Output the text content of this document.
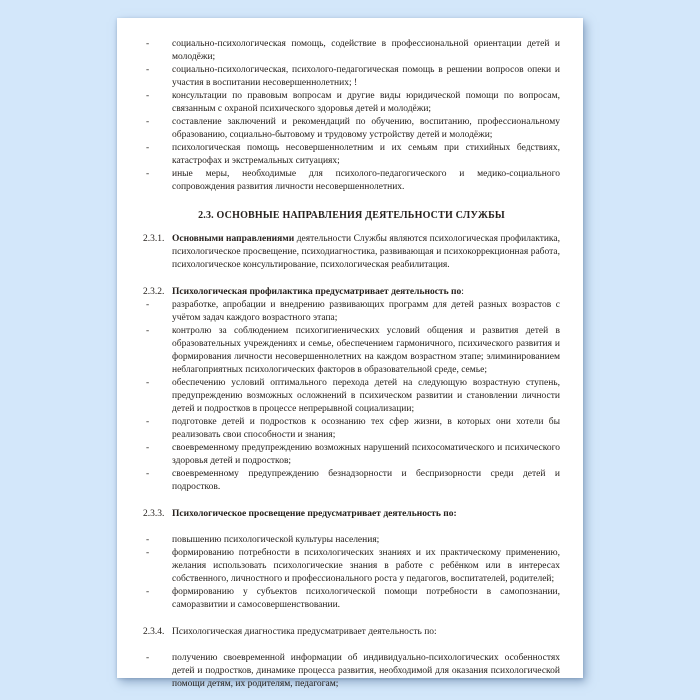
-	социально-психологическая помощь, содействие в профессиональной ориентации детей и молодёжи;
-	социально-психологическая, психолого-педагогическая помощь в решении вопросов опеки и участия в воспитании несовершеннолетних; !
-	консультации по правовым вопросам и другие виды юридической помощи по вопросам, связанным с охраной психического здоровья детей и молодёжи;
-	составление заключений и рекомендаций по обучению, воспитанию, профессиональному образованию, социально-бытовому и трудовому устройству детей и молодёжи;
-	психологическая помощь несовершеннолетним и их семьям при стихийных бедствиях, катастрофах и экстремальных ситуациях;
-	иные меры, необходимые для психолого-педагогического и медико-социального сопровождения развития личности несовершеннолетних.
2.3. ОСНОВНЫЕ НАПРАВЛЕНИЯ ДЕЯТЕЛЬНОСТИ СЛУЖБЫ
2.3.1. Основными направлениями деятельности Службы являются психологическая профилактика, психологическое просвещение, психодиагностика, развивающая и психокоррекционная работа, психологическое консультирование, психологическая реабилитация.
2.3.2. Психологическая профилактика предусматривает деятельность по:
-	разработке, апробации и внедрению развивающих программ для детей разных возрастов с учётом задач каждого возрастного этапа;
-	контролю за соблюдением психогигиенических условий общения и развития детей в образовательных учреждениях и семье, обеспечением гармоничного, психического развития и формирования личности несовершеннолетних на каждом возрастном этапе; элиминированием неблагоприятных психологических факторов в образовательной среде, семье;
-	обеспечению условий оптимального перехода детей на следующую возрастную ступень, предупреждению возможных осложнений в психическом развитии и становлении личности детей и подростков в процессе непрерывной социализации;
-	подготовке детей и подростков к осознанию тех сфер жизни, в которых они хотели бы реализовать свои способности и знания;
-	своевременному предупреждению возможных нарушений психосоматического и психического здоровья детей и подростков;
-	своевременному предупреждению безнадзорности и беспризорности среди детей и подростков.
2.3.3. Психологическое просвещение предусматривает деятельность по:
-	повышению психологической культуры населения;
-	формированию потребности в психологических знаниях и их практическому применению, желания использовать психологические знания в работе с ребёнком или в интересах собственного, личностного и профессионального роста у педагогов, воспитателей, родителей;
-	формированию у субъектов психологической помощи потребности в самопознании, саморазвитии и самосовершенствовании.
2.3.4. Психологическая диагностика предусматривает деятельность по:
-	получению своевременной информации об индивидуально-психологических особенностях детей и подростков, динамике процесса развития, необходимой для оказания психологической помощи детям, их родителям, педагогам;
